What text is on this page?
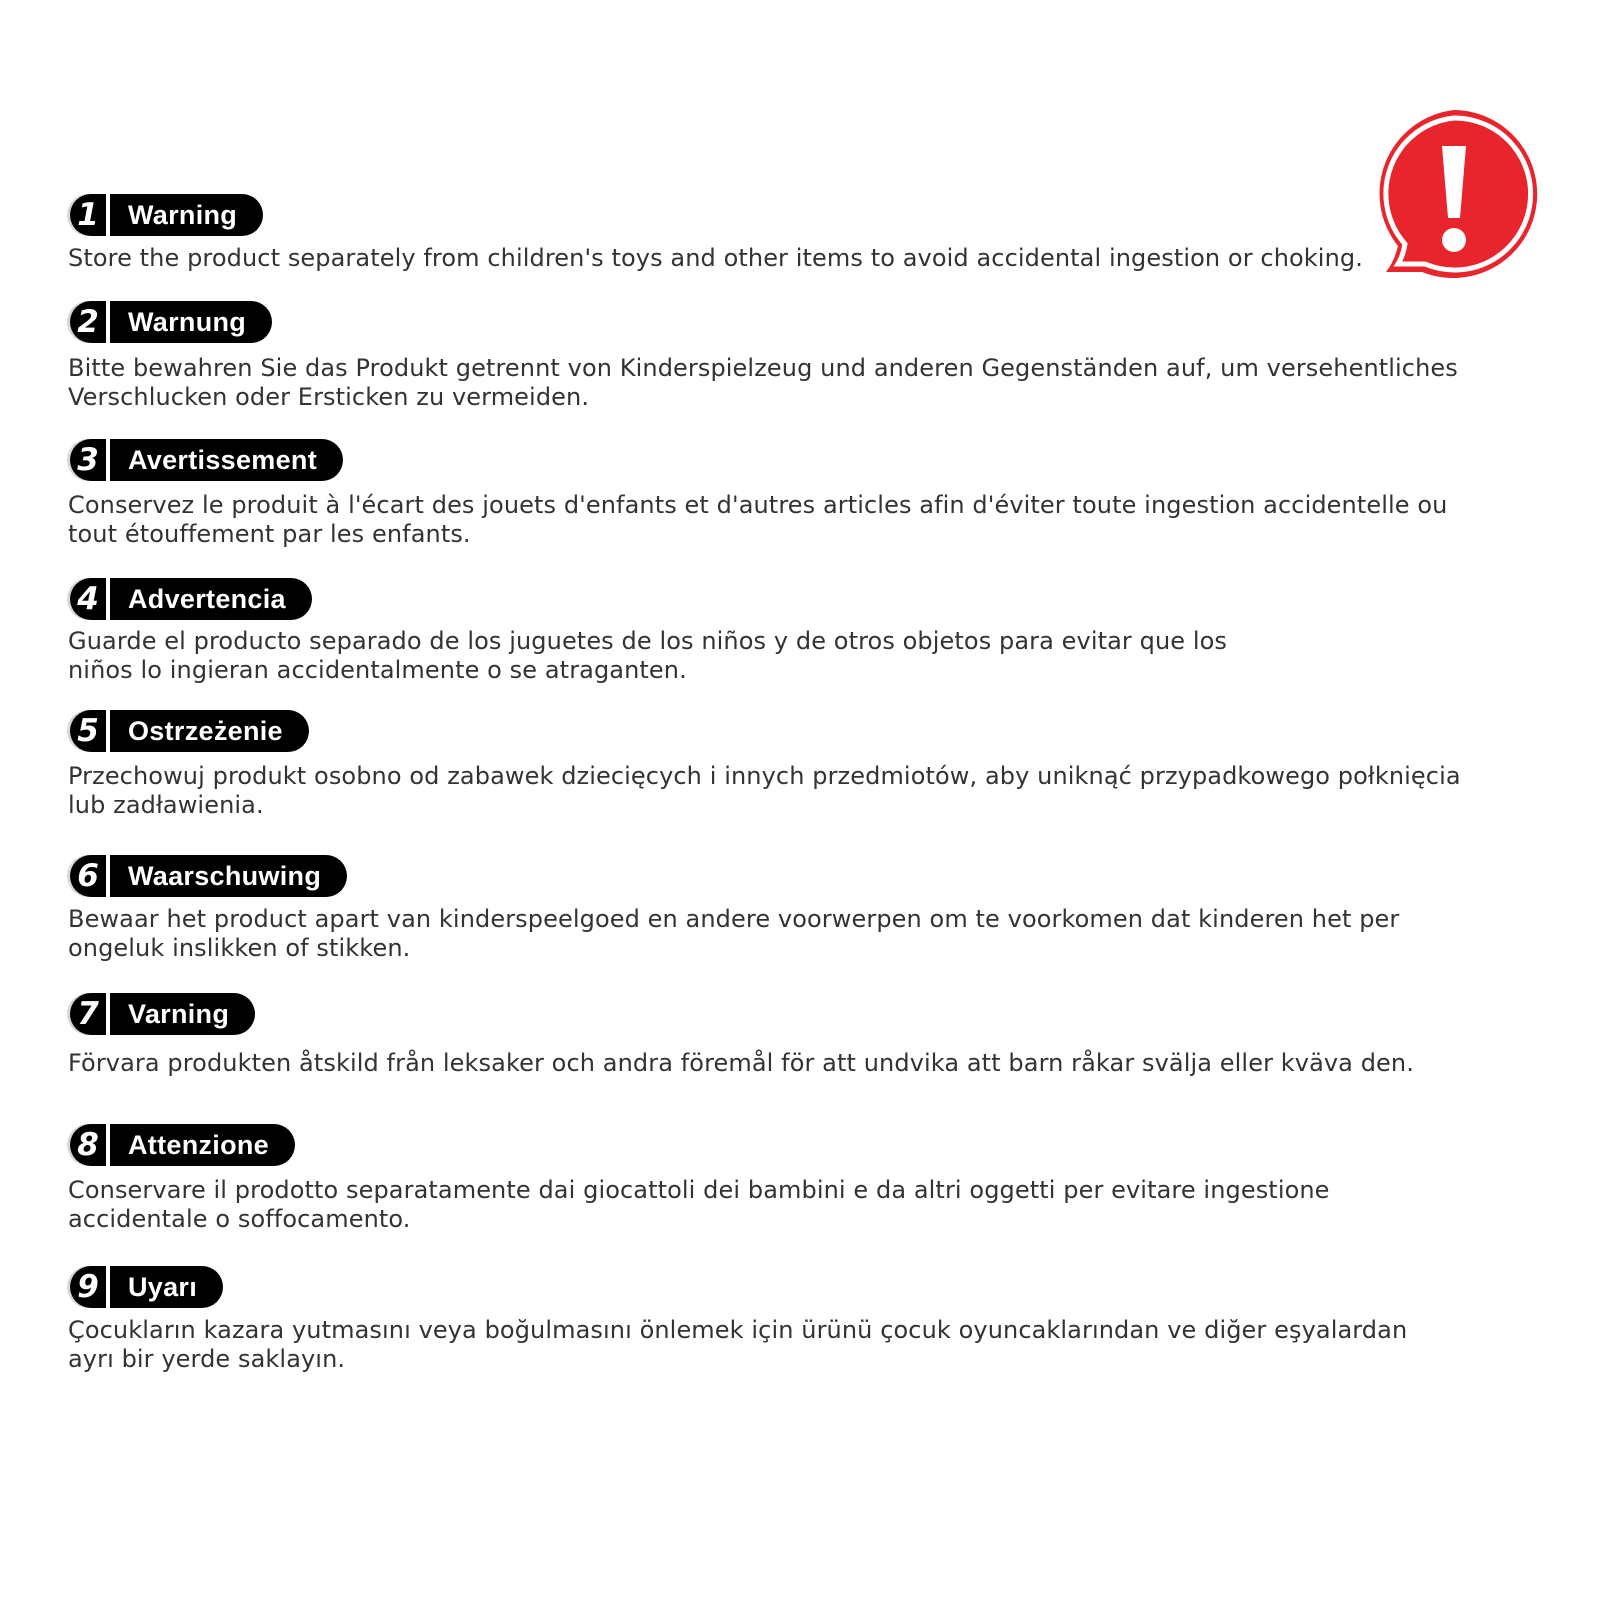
1	Warning

Store the product separately from children's toys and other items to avoid accidental ingestion or choking.

2	Warnung

Bitte bewahren Sie das Produkt getrennt von Kinderspielzeug und anderen Gegenständen auf, um versehentliches
Verschlucken oder Ersticken zu vermeiden.

3	Avertissement

Conservez le produit à l'écart des jouets d'enfants et d'autres articles afin d'éviter toute ingestion accidentelle ou
tout étouffement par les enfants.

4	Advertencia

Guarde el producto separado de los juguetes de los niños y de otros objetos para evitar que los
niños lo ingieran accidentalmente o se atraganten.

5	Ostrzeżenie

Przechowuj produkt osobno od zabawek dziecięcych i innych przedmiotów, aby uniknąć przypadkowego połknięcia
lub zadławienia.

6	Waarschuwing

Bewaar het product apart van kinderspeelgoed en andere voorwerpen om te voorkomen dat kinderen het per
ongeluk inslikken of stikken.

7	Varning

Förvara produkten åtskild från leksaker och andra föremål för att undvika att barn råkar svälja eller kväva den.

8	Attenzione

Conservare il prodotto separatamente dai giocattoli dei bambini e da altri oggetti per evitare ingestione
accidentale o soffocamento.

9	Uyarı

Çocukların kazara yutmasını veya boğulmasını önlemek için ürünü çocuk oyuncaklarından ve diğer eşyalardan
ayrı bir yerde saklayın.
